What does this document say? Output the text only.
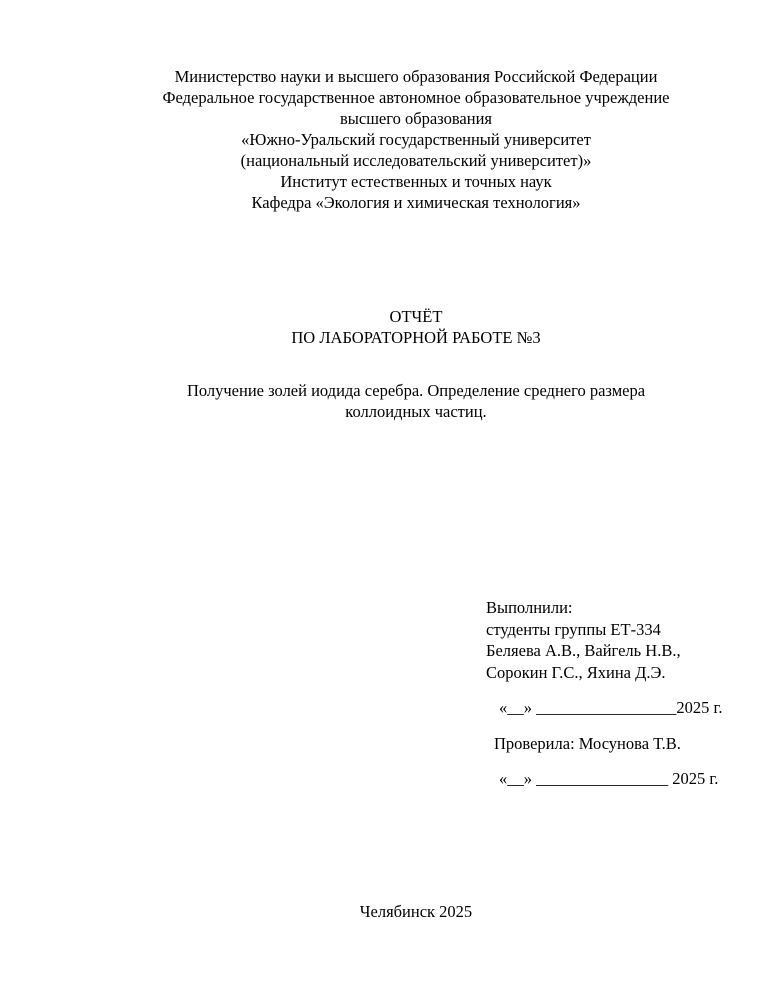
Министерство науки и высшего образования Российской Федерации
Федеральное государственное автономное образовательное учреждение
высшего образования
«Южно-Уральский государственный университет
(национальный исследовательский университет)»
Институт естественных и точных наук
Кафедра «Экология и химическая технология»
ОТЧЁТ
ПО ЛАБОРАТОРНОЙ РАБОТЕ №3
Получение золей иодида серебра. Определение среднего размера
коллоидных частиц.
Выполнили:
студенты группы ЕТ-334
Беляева А.В., Вайгель Н.В.,
Сорокин Г.С., Яхина Д.Э.
«__» _________________2025 г.
Проверила: Мосунова Т.В.
«__» ________________ 2025 г.
Челябинск 2025
